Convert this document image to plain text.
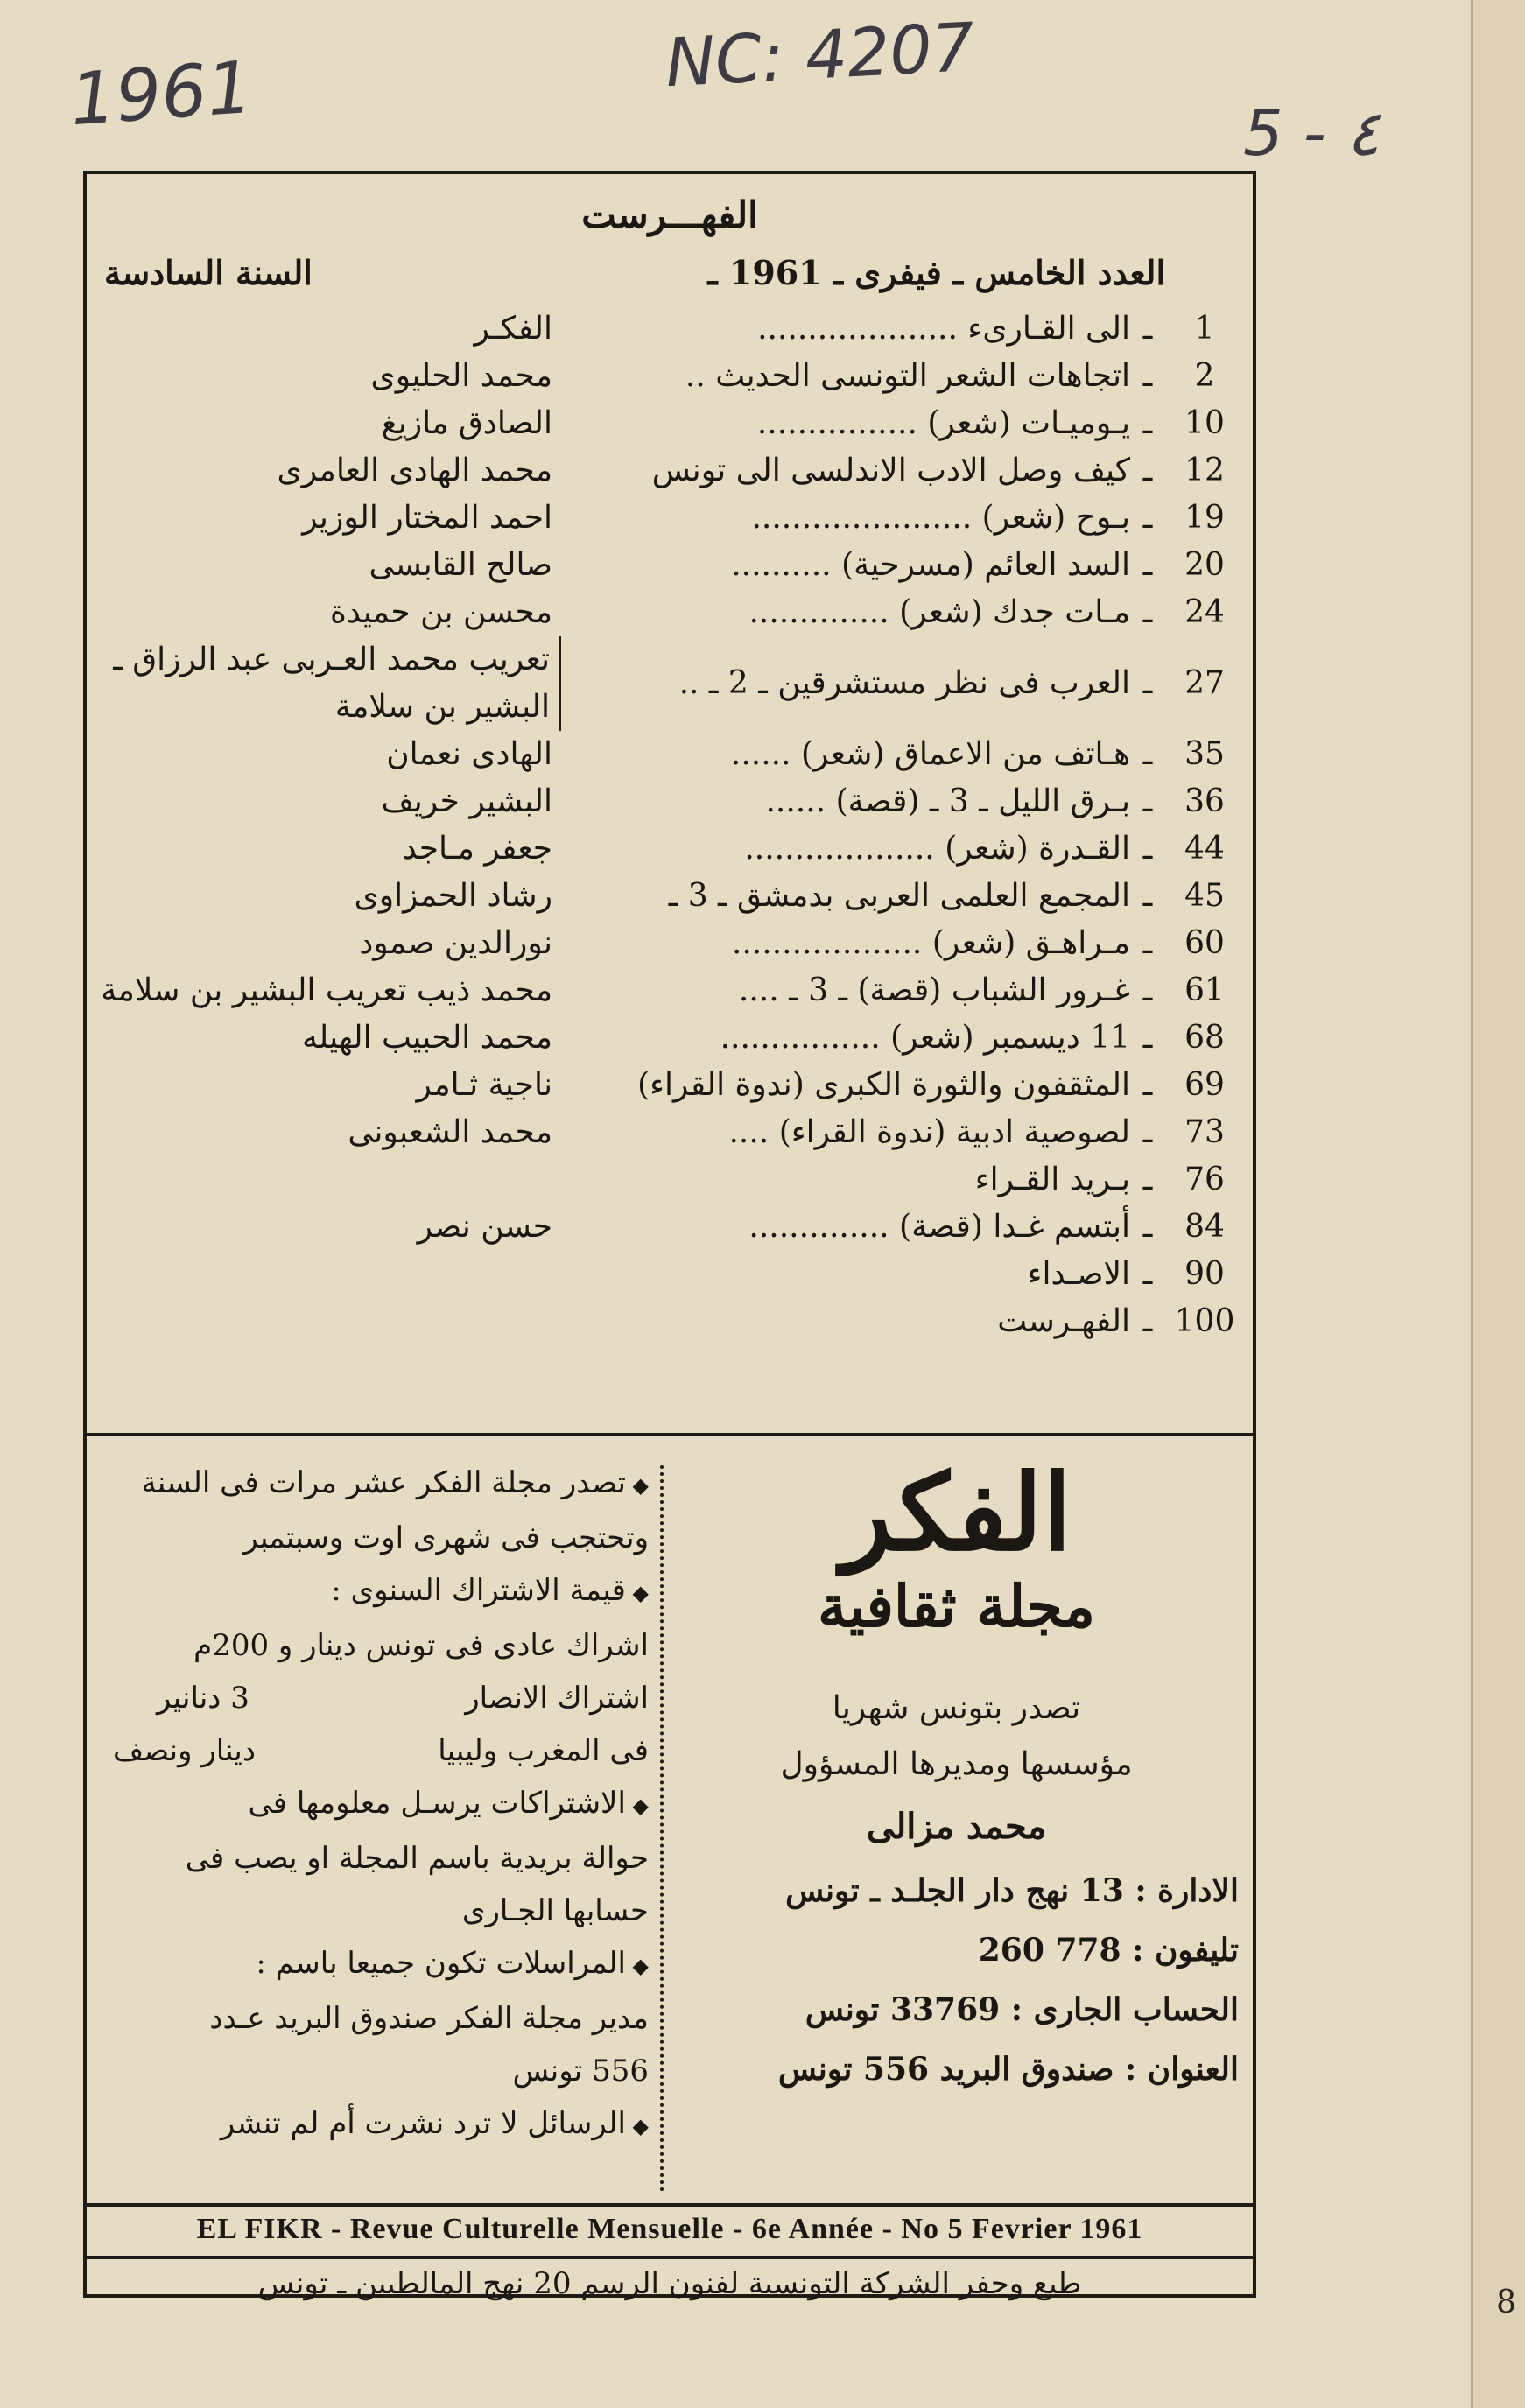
1961	NC: 4207
5 - ٤
8
الفهـــرست
العدد الخامس ـ فيفرى ـ 1961 ـ
السنة السادسة
1
ـ
الى القـارىء ....................
الفكـر
2
ـ
اتجاهات الشعر التونسى الحديث ..
محمد الحليوى
10
ـ
يـوميـات (شعر) ................
الصادق مازيغ
12
ـ
كيف وصل الادب الاندلسى الى تونس
محمد الهادى العامرى
19
ـ
بـوح (شعر) ......................
احمد المختار الوزير
20
ـ
السد العائم (مسرحية) ..........
صالح القابسى
24
ـ
مـات جدك (شعر) ..............
محسن بن حميدة
27
ـ
العرب فى نظر مستشرقين ـ 2 ـ ..
تعريب محمد العـربى عبد الرزاق ـ البشير بن سلامة
35
ـ
هـاتف من الاعماق (شعر) ......
الهادى نعمان
36
ـ
بـرق الليل ـ 3 ـ (قصة) ......
البشير خريف
44
ـ
القـدرة (شعر) ...................
جعفر مـاجد
45
ـ
المجمع العلمى العربى بدمشق ـ 3 ـ
رشاد الحمزاوى
60
ـ
مـراهـق (شعر) ...................
نورالدين صمود
61
ـ
غـرور الشباب (قصة) ـ 3 ـ ....
محمد ذيب تعريب البشير بن سلامة
68
ـ
11 ديسمبر (شعر) ................
محمد الحبيب الهيله
69
ـ
المثقفون والثورة الكبرى (ندوة القراء)
ناجية ثـامر
73
ـ
لصوصية ادبية (ندوة القراء) ....
محمد الشعبونى
76
ـ
بـريد القـراء
84
ـ
أبتسم غـدا (قصة) ..............
حسن نصر
90
ـ
الاصـداء
100
ـ
الفهـرست
◆ تصدر مجلة الفكر عشر مرات فى السنة
وتحتجب فى شهرى اوت وسبتمبر
◆ قيمة الاشتراك السنوى :
اشراك عادى فى تونس دينار و 200م
اشتراك الانصار
3 دنانير
فى المغرب وليبيا
دينار ونصف
◆ الاشتراكات يرسـل معلومها فى
حوالة بريدية باسم المجلة او يصب فى
حسابها الجـارى
◆ المراسلات تكون جميعا باسم :
مدير مجلة الفكر صندوق البريد عـدد
556 تونس
◆ الرسائل لا ترد نشرت أم لم تنشر
الفكر
مجلة ثقافية
تصدر بتونس شهريا
مؤسسها ومديرها المسؤول
محمد مزالى
الادارة : 13 نهج دار الجلـد ـ تونس
تليفون : 778 260
الحساب الجارى : 33769 تونس
العنوان : صندوق البريد 556 تونس
EL FIKR - Revue Culturelle Mensuelle - 6e Année - No 5 Fevrier 1961
طبع وحفر الشركة التونسية لفنون الرسم 20 نهج المالطيين ـ تونس
